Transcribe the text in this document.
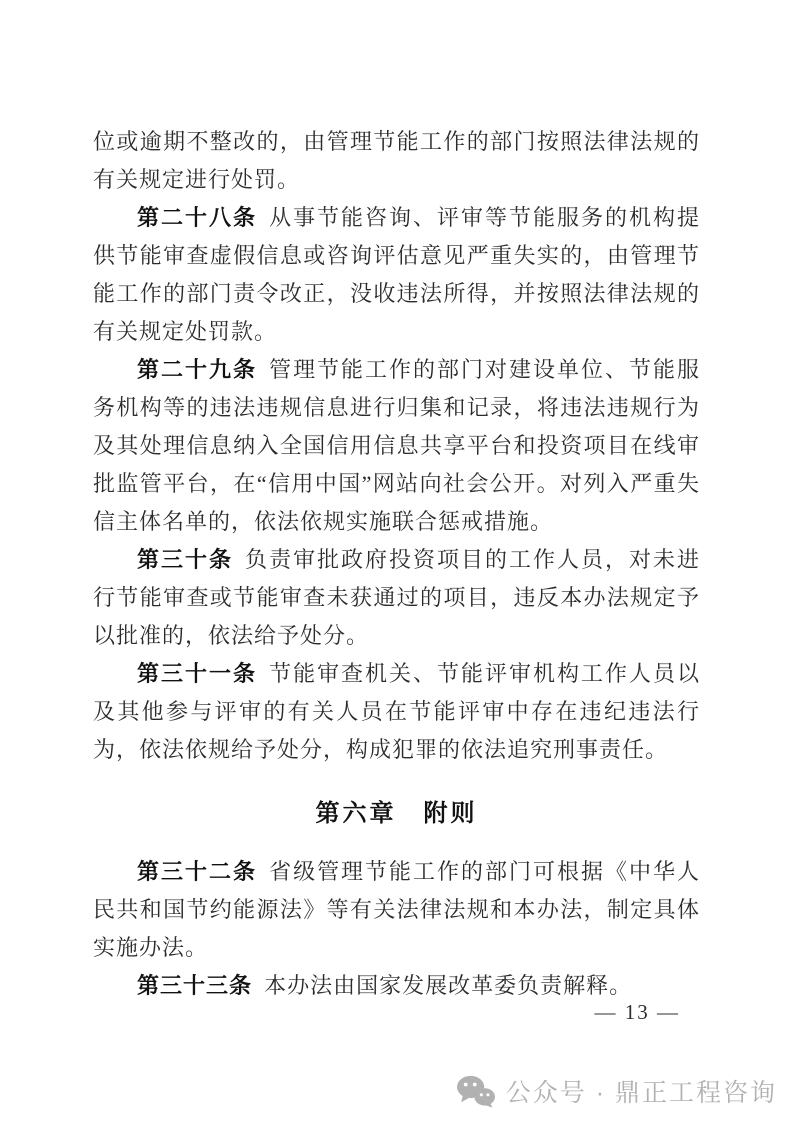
位或逾期不整改的，由管理节能工作的部门按照法律法规的有关规定进行处罚。

第二十八条 从事节能咨询、评审等节能服务的机构提供节能审查虚假信息或咨询评估意见严重失实的，由管理节能工作的部门责令改正，没收违法所得，并按照法律法规的有关规定处罚款。

第二十九条 管理节能工作的部门对建设单位、节能服务机构等的违法违规信息进行归集和记录，将违法违规行为及其处理信息纳入全国信用信息共享平台和投资项目在线审批监管平台，在“信用中国”网站向社会公开。对列入严重失信主体名单的，依法依规实施联合惩戒措施。

第三十条 负责审批政府投资项目的工作人员，对未进行节能审查或节能审查未获通过的项目，违反本办法规定予以批准的，依法给予处分。

第三十一条 节能审查机关、节能评审机构工作人员以及其他参与评审的有关人员在节能评审中存在违纪违法行为，依法依规给予处分，构成犯罪的依法追究刑事责任。

第六章　附则

第三十二条 省级管理节能工作的部门可根据《中华人民共和国节约能源法》等有关法律法规和本办法，制定具体实施办法。

第三十三条 本办法由国家发展改革委负责解释。

— 13 —
公众号 · 鼎正工程咨询
